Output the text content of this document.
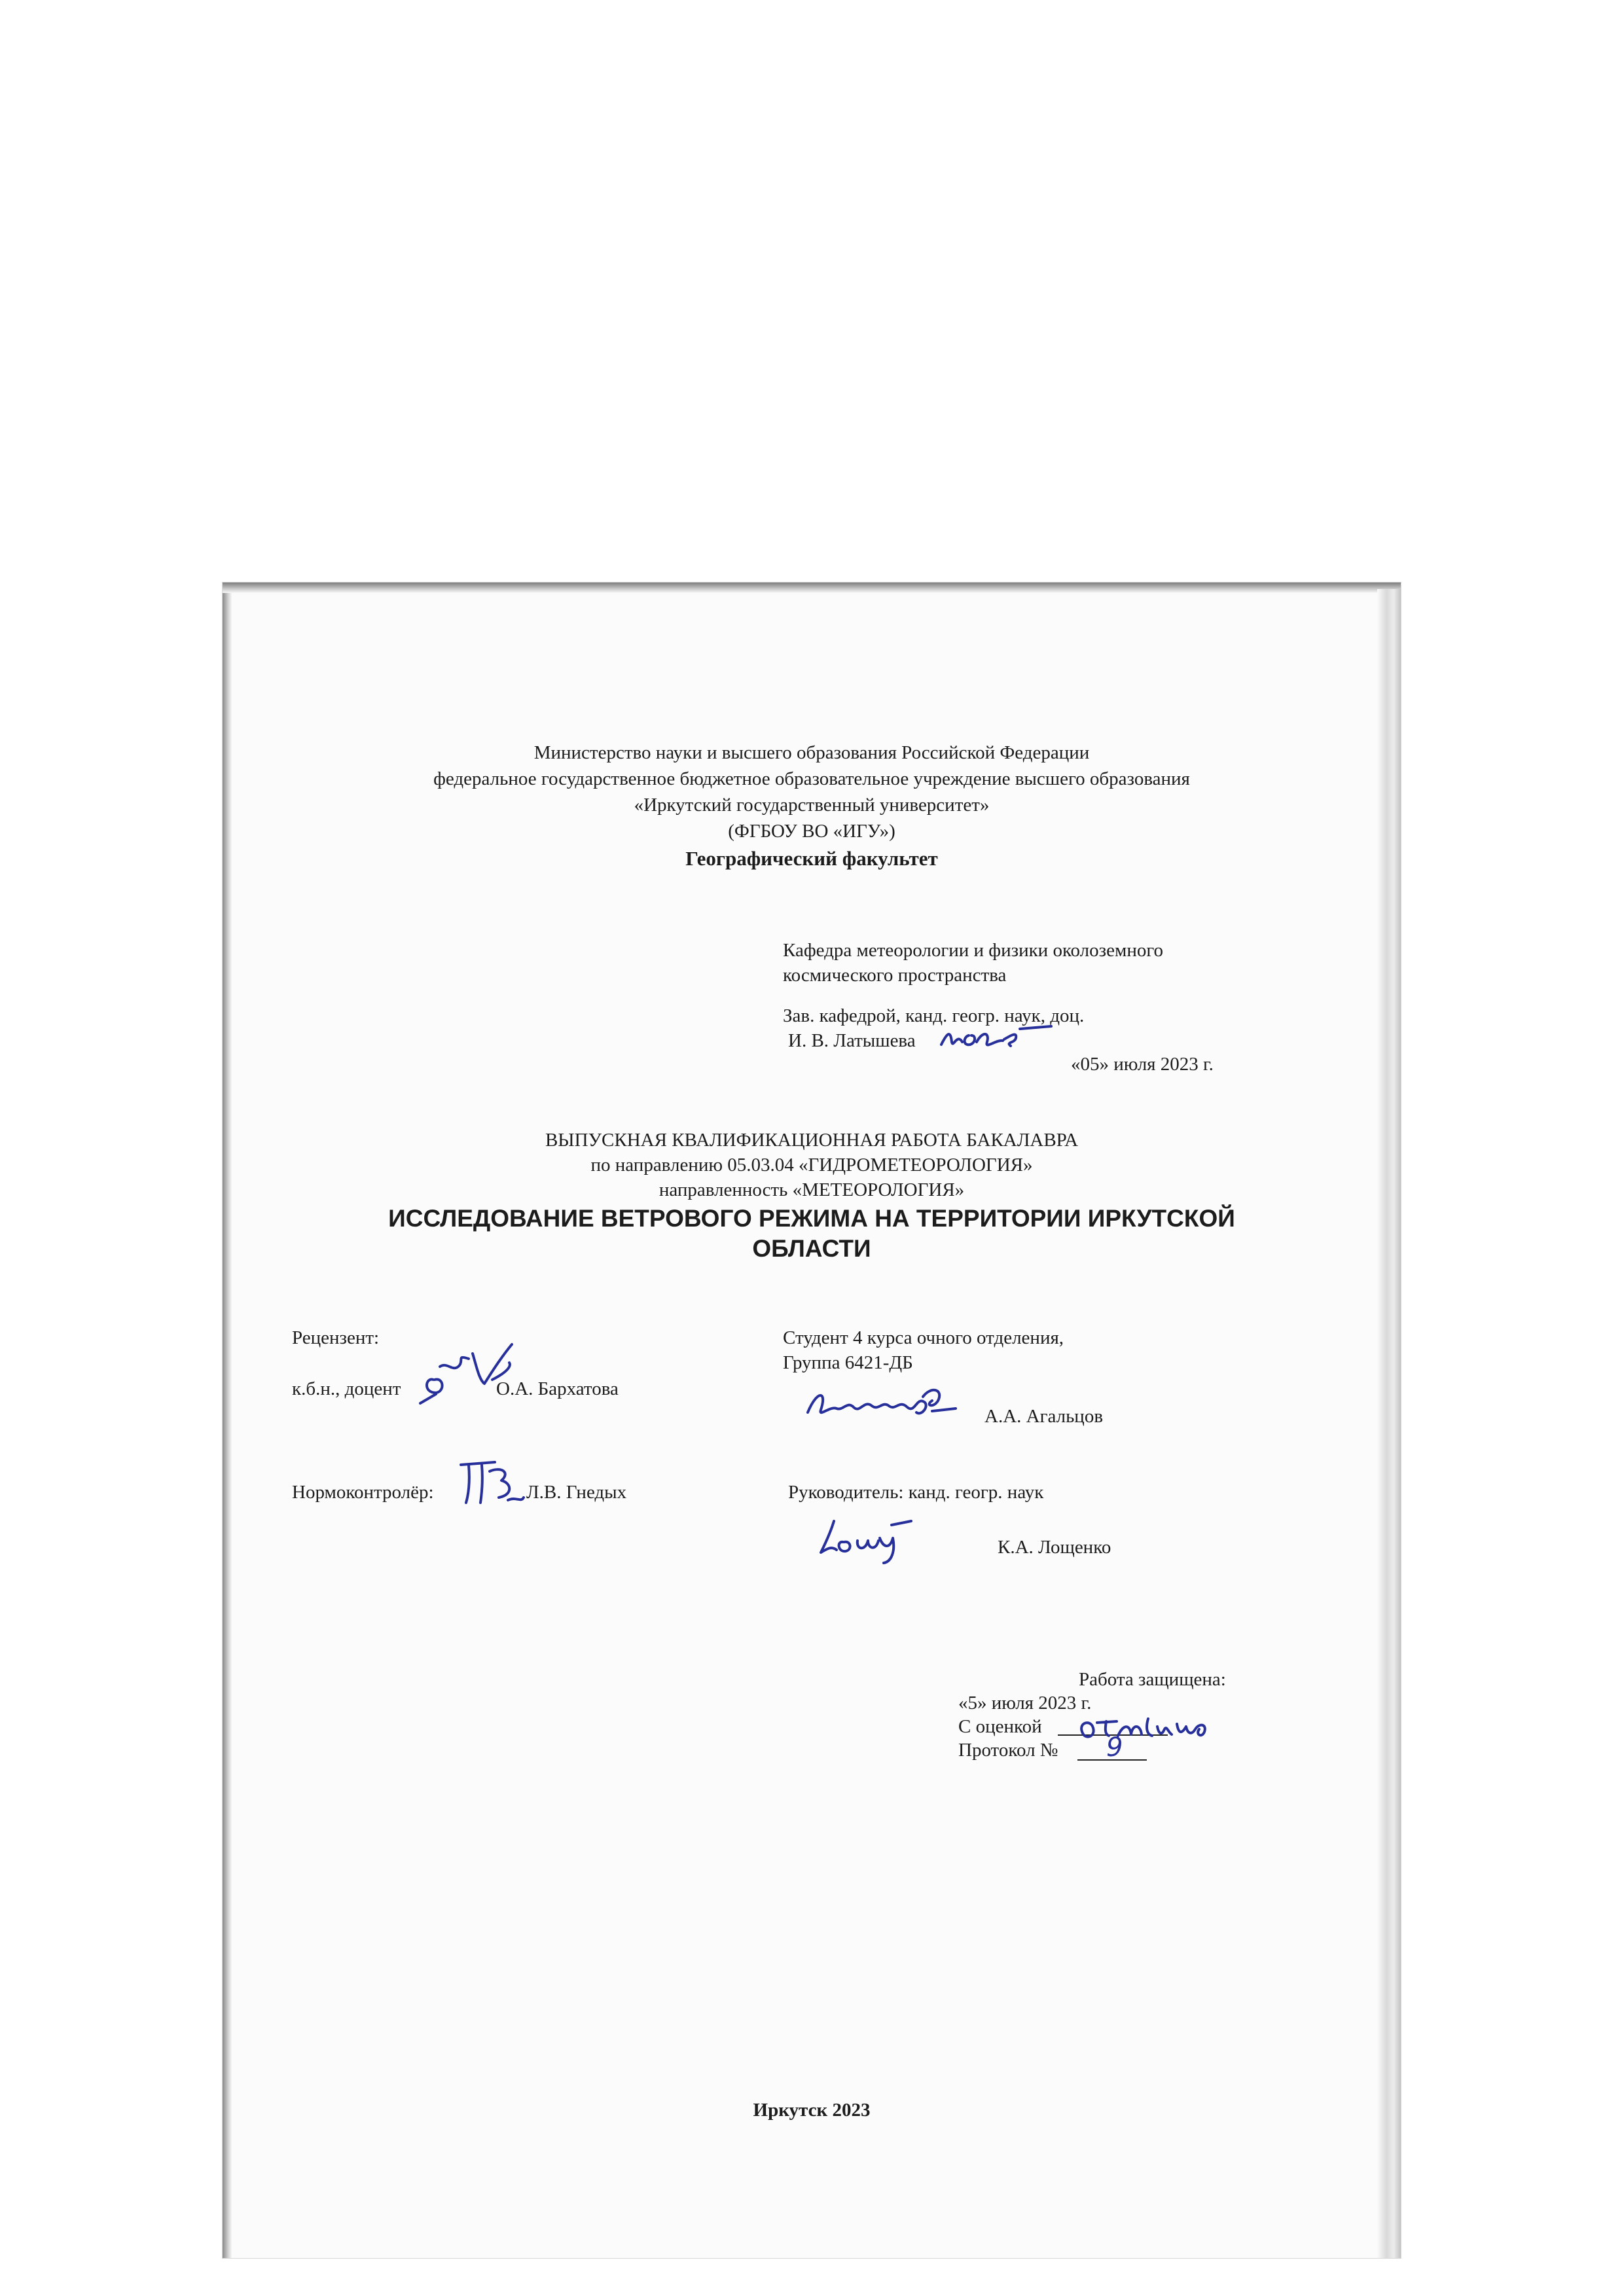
Министерство науки и высшего образования Российской Федерации
федеральное государственное бюджетное образовательное учреждение высшего образования
«Иркутский государственный университет»
(ФГБОУ ВО «ИГУ»)
Географический факультет
Кафедра метеорологии и физики околоземного
космического пространства
Зав. кафедрой, канд. геогр. наук, доц.
И. В. Латышева
«05» июля 2023 г.
ВЫПУСКНАЯ КВАЛИФИКАЦИОННАЯ РАБОТА БАКАЛАВРА
по направлению 05.03.04 «ГИДРОМЕТЕОРОЛОГИЯ»
направленность «МЕТЕОРОЛОГИЯ»
ИССЛЕДОВАНИЕ ВЕТРОВОГО РЕЖИМА НА ТЕРРИТОРИИ ИРКУТСКОЙ
ОБЛАСТИ
Рецензент:
к.б.н., доцент	О.А. Бархатова
Студент 4 курса очного отделения,
Группа 6421-ДБ
А.А. Агальцов
Нормоконтролёр:	Л.В. Гнедых	Руководитель: канд. геогр. наук
К.А. Лощенко
Работа защищена:
«5» июля 2023 г.
С оценкой
Протокол № 9
Иркутск 2023
